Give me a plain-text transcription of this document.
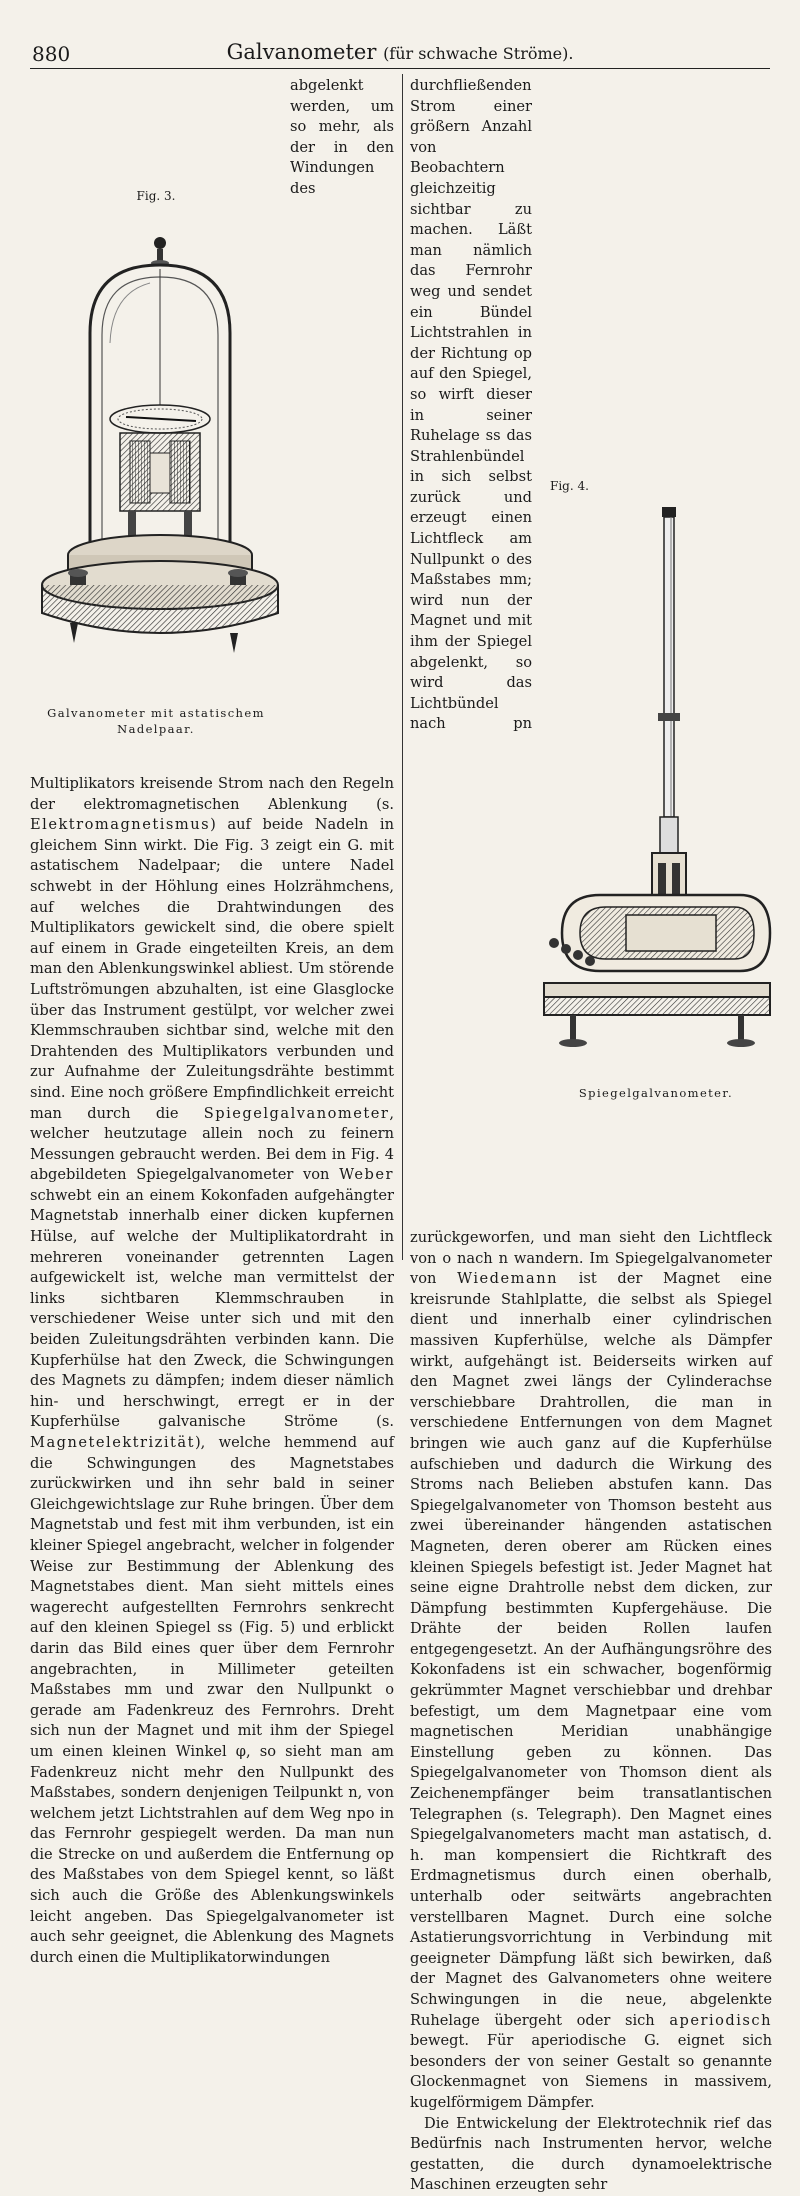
880	Galvanometer (für schwache Ströme).
Fig. 3.
Galvanometer mit astatischem Nadelpaar.

abgelenkt werden, um so mehr, als der in den Windungen des Multiplikators kreisende Strom nach den Regeln der elektromagnetischen Ablenkung (s. Elektromagnetismus) auf beide Nadeln in gleichem Sinn wirkt. Die Fig. 3 zeigt ein G. mit astatischem Nadelpaar; die untere Nadel schwebt in der Höhlung eines Holzrähmchens, auf welches die Drahtwindungen des Multiplikators gewickelt sind, die obere spielt auf einem in Grade eingeteilten Kreis, an dem man den Ablenkungswinkel abliest. Um störende Luftströmungen abzuhalten, ist eine Glasglocke über das Instrument gestülpt, vor welcher zwei Klemmschrauben sichtbar sind, welche mit den Drahtenden des Multiplikators verbunden und zur Aufnahme der Zuleitungsdrähte bestimmt sind. Eine noch größere Empfindlichkeit erreicht man durch die Spiegelgalvanometer, welcher heutzutage allein noch zu feinern Messungen gebraucht werden. Bei dem in Fig. 4 abgebildeten Spiegelgalvanometer von Weber schwebt ein an einem Kokonfaden aufgehängter Magnetstab innerhalb einer dicken kupfernen Hülse, auf welche der Multiplikatordraht in mehreren voneinander getrennten Lagen aufgewickelt ist, welche man vermittelst der links sichtbaren Klemmschrauben in verschiedener Weise unter sich und mit den beiden Zuleitungsdrähten verbinden kann. Die Kupferhülse hat den Zweck, die Schwingungen des Magnets zu dämpfen; indem dieser nämlich hin- und herschwingt, erregt er in der Kupferhülse galvanische Ströme (s. Magnetelektrizität), welche hemmend auf die Schwingungen des Magnetstabes zurückwirken und ihn sehr bald in seiner Gleichgewichtslage zur Ruhe bringen. Über dem Magnetstab und fest mit ihm verbunden, ist ein kleiner Spiegel angebracht, welcher in folgender Weise zur Bestimmung der Ablenkung des Magnetstabes dient. Man sieht mittels eines wagerecht aufgestellten Fernrohrs senkrecht auf den kleinen Spiegel ss (Fig. 5) und erblickt darin das Bild eines quer über dem Fernrohr angebrachten, in Millimeter geteilten Maßstabes mm und zwar den Nullpunkt o gerade am Fadenkreuz des Fernrohrs. Dreht sich nun der Magnet und mit ihm der Spiegel um einen kleinen Winkel φ, so sieht man am Fadenkreuz nicht mehr den Nullpunkt des Maßstabes, sondern denjenigen Teilpunkt n, von welchem jetzt Lichtstrahlen auf dem Weg npo in das Fernrohr gespiegelt werden. Da man nun die Strecke on und außerdem die Entfernung op des Maßstabes von dem Spiegel kennt, so läßt sich auch die Größe des Ablenkungswinkels leicht angeben. Das Spiegelgalvanometer ist auch sehr geeignet, die Ablenkung des Magnets durch einen die Multiplikatorwindungen

Fig. 4.
Spiegelgalvanometer.

durchfließenden Strom einer größern Anzahl von Beobachtern gleichzeitig sichtbar zu machen. Läßt man nämlich das Fernrohr weg und sendet ein Bündel Lichtstrahlen in der Richtung op auf den Spiegel, so wirft dieser in seiner Ruhelage ss das Strahlenbündel in sich selbst zurück und erzeugt einen Lichtfleck am Nullpunkt o des Maßstabes mm; wird nun der Magnet und mit ihm der Spiegel abgelenkt, so wird das Lichtbündel nach pn zurückgeworfen, und man sieht den Lichtfleck von o nach n wandern. Im Spiegelgalvanometer von Wiedemann ist der Magnet eine kreisrunde Stahlplatte, die selbst als Spiegel dient und innerhalb einer cylindrischen massiven Kupferhülse, welche als Dämpfer wirkt, aufgehängt ist. Beiderseits wirken auf den Magnet zwei längs der Cylinderachse verschiebbare Drahtrollen, die man in verschiedene Entfernungen von dem Magnet bringen wie auch ganz auf die Kupferhülse aufschieben und dadurch die Wirkung des Stroms nach Belieben abstufen kann. Das Spiegelgalvanometer von Thomson besteht aus zwei übereinander hängenden astatischen Magneten, deren oberer am Rücken eines kleinen Spiegels befestigt ist. Jeder Magnet hat seine eigne Drahtrolle nebst dem dicken, zur Dämpfung bestimmten Kupfergehäuse. Die Drähte der beiden Rollen laufen entgegengesetzt. An der Aufhängungsröhre des Kokonfadens ist ein schwacher, bogenförmig gekrümmter Magnet verschiebbar und drehbar befestigt, um dem Magnetpaar eine vom magnetischen Meridian unabhängige Einstellung geben zu können. Das Spiegelgalvanometer von Thomson dient als Zeichenempfänger beim transatlantischen Telegraphen (s. Telegraph). Den Magnet eines Spiegelgalvanometers macht man astatisch, d. h. man kompensiert die Richtkraft des Erdmagnetismus durch einen oberhalb, unterhalb oder seitwärts angebrachten verstellbaren Magnet. Durch eine solche Astatierungsvorrichtung in Verbindung mit geeigneter Dämpfung läßt sich bewirken, daß der Magnet des Galvanometers ohne weitere Schwingungen in die neue, abgelenkte Ruhelage übergeht oder sich aperiodisch bewegt. Für aperiodische G. eignet sich besonders der von seiner Gestalt so genannte Glockenmagnet von Siemens in massivem, kugelförmigem Dämpfer.

Die Entwickelung der Elektrotechnik rief das Bedürfnis nach Instrumenten hervor, welche gestatten, die durch dynamoelektrische Maschinen erzeugten sehr
